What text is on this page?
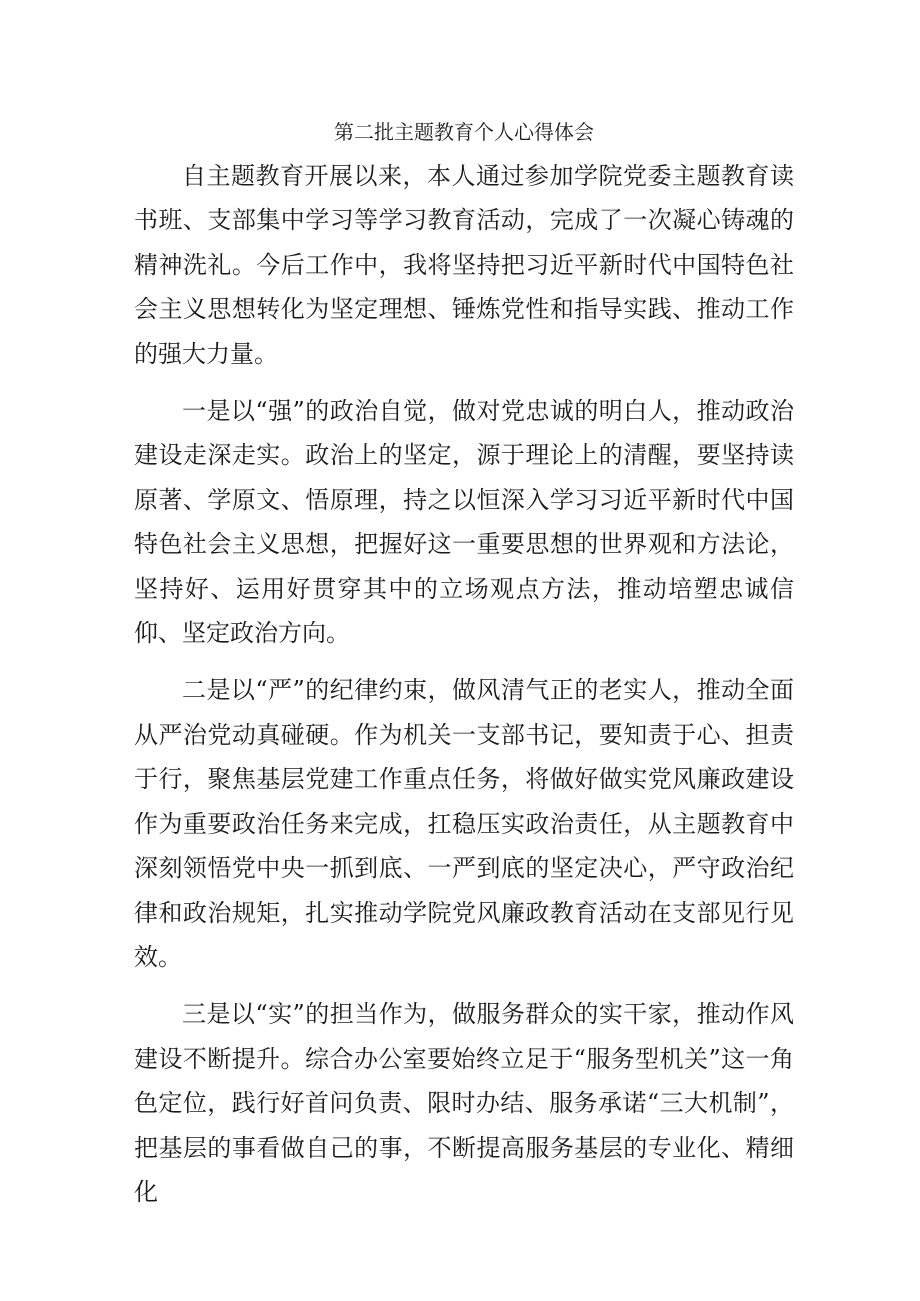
第二批主题教育个人心得体会

自主题教育开展以来，本人通过参加学院党委主题教育读书班、支部集中学习等学习教育活动，完成了一次凝心铸魂的精神洗礼。今后工作中，我将坚持把习近平新时代中国特色社会主义思想转化为坚定理想、锤炼党性和指导实践、推动工作的强大力量。

一是以“强”的政治自觉，做对党忠诚的明白人，推动政治建设走深走实。政治上的坚定，源于理论上的清醒，要坚持读原著、学原文、悟原理，持之以恒深入学习习近平新时代中国特色社会主义思想，把握好这一重要思想的世界观和方法论，坚持好、运用好贯穿其中的立场观点方法，推动培塑忠诚信仰、坚定政治方向。

二是以“严”的纪律约束，做风清气正的老实人，推动全面从严治党动真碰硬。作为机关一支部书记，要知责于心、担责于行，聚焦基层党建工作重点任务，将做好做实党风廉政建设作为重要政治任务来完成，扛稳压实政治责任，从主题教育中深刻领悟党中央一抓到底、一严到底的坚定决心，严守政治纪律和政治规矩，扎实推动学院党风廉政教育活动在支部见行见效。

三是以“实”的担当作为，做服务群众的实干家，推动作风建设不断提升。综合办公室要始终立足于“服务型机关”这一角色定位，践行好首问负责、限时办结、服务承诺“三大机制”，把基层的事看做自己的事，不断提高服务基层的专业化、精细化
